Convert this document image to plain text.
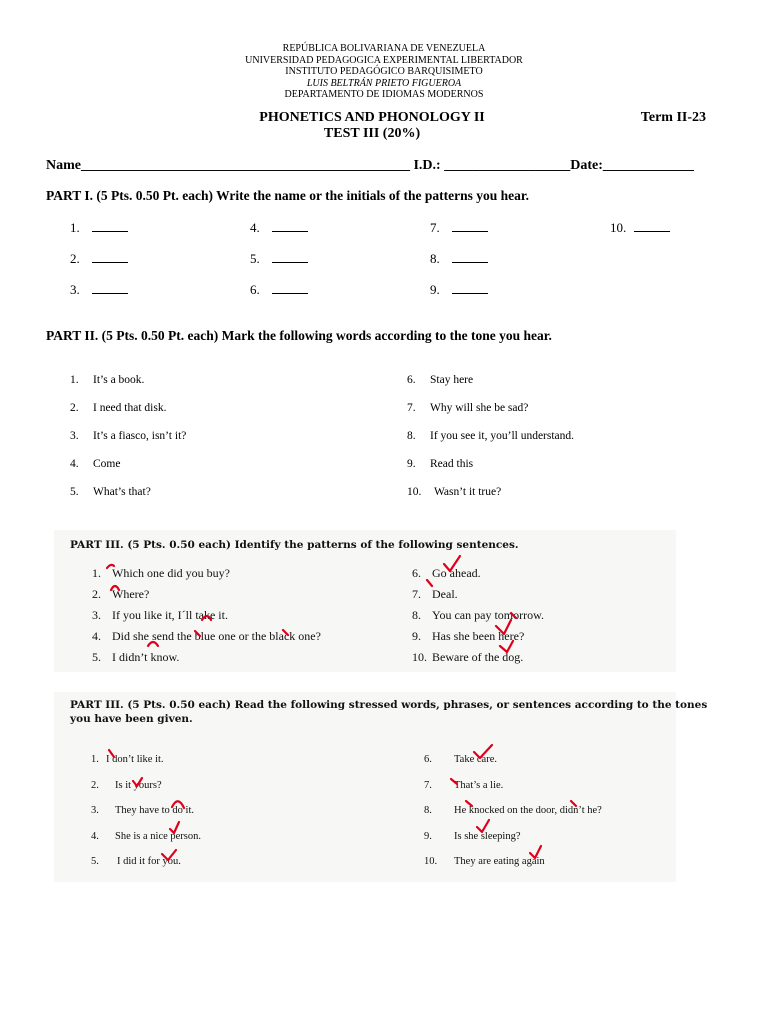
REPÚBLICA BOLIVARIANA DE VENEZUELA
UNIVERSIDAD PEDAGOGICA EXPERIMENTAL LIBERTADOR
INSTITUTO PEDAGÓGICO BARQUISIMETO
LUIS BELTRÁN PRIETO FIGUEROA
DEPARTAMENTO DE IDIOMAS MODERNOS
PHONETICS AND PHONOLOGY II
TEST III (20%)
Term II-23
Name_______________________________________________ I.D.: __________________Date:_____________
PART I. (5 Pts. 0.50 Pt. each) Write the name or the initials of the patterns you hear.
1.
2.
3.
4.
5.
6.
7.
8.
9.
10.
PART II. (5 Pts. 0.50 Pt. each) Mark the following words according to the tone you hear.
1. It’s a book.
2. I need that disk.
3. It’s a fiasco, isn’t it?
4. Come
5. What’s that?
6. Stay here
7. Why will she be sad?
8. If you see it, you’ll understand.
9. Read this
10. Wasn’t it true?
PART III. (5 Pts. 0.50 each) Identify the patterns of the following sentences.
1. Which one did you buy?
2. Where?
3. If you like it, I´ll take it.
4. Did she send the blue one or the black one?
5. I didn’t know.
6. Go ahead.
7. Deal.
8. You can pay tomorrow.
9. Has she been here?
10. Beware of the dog.
PART III. (5 Pts. 0.50 each) Read the following stressed words, phrases, or sentences according to the tones
you have been given.
1. I don’t like it.
2. Is it yours?
3. They have to do it.
4. She is a nice person.
5. I did it for you.
6. Take care.
7. That’s a lie.
8. He knocked on the door, didn’t he?
9. Is she sleeping?
10. They are eating again
